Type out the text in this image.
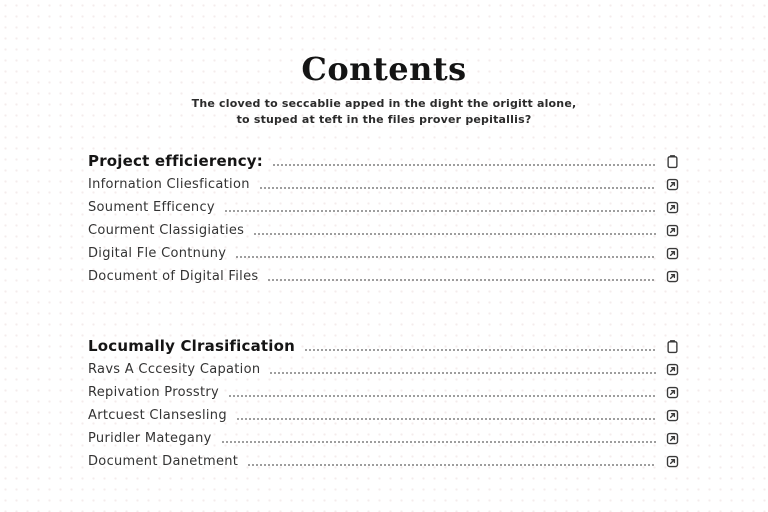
Contents

The cloved to seccablie apped in the dight the origitt alone,
to stuped at teft in the files prover pepitallis?

Project efficierency:
Infornation Cliesfication
Soument Efficency
Courment Classigiaties
Digital Fle Contnuny
Document of Digital Files
Locumally Clrasification
Ravs A Cccesity Capation
Repivation Prosstry
Artcuest Clansesling
Puridler Mategany
Document Danetment
